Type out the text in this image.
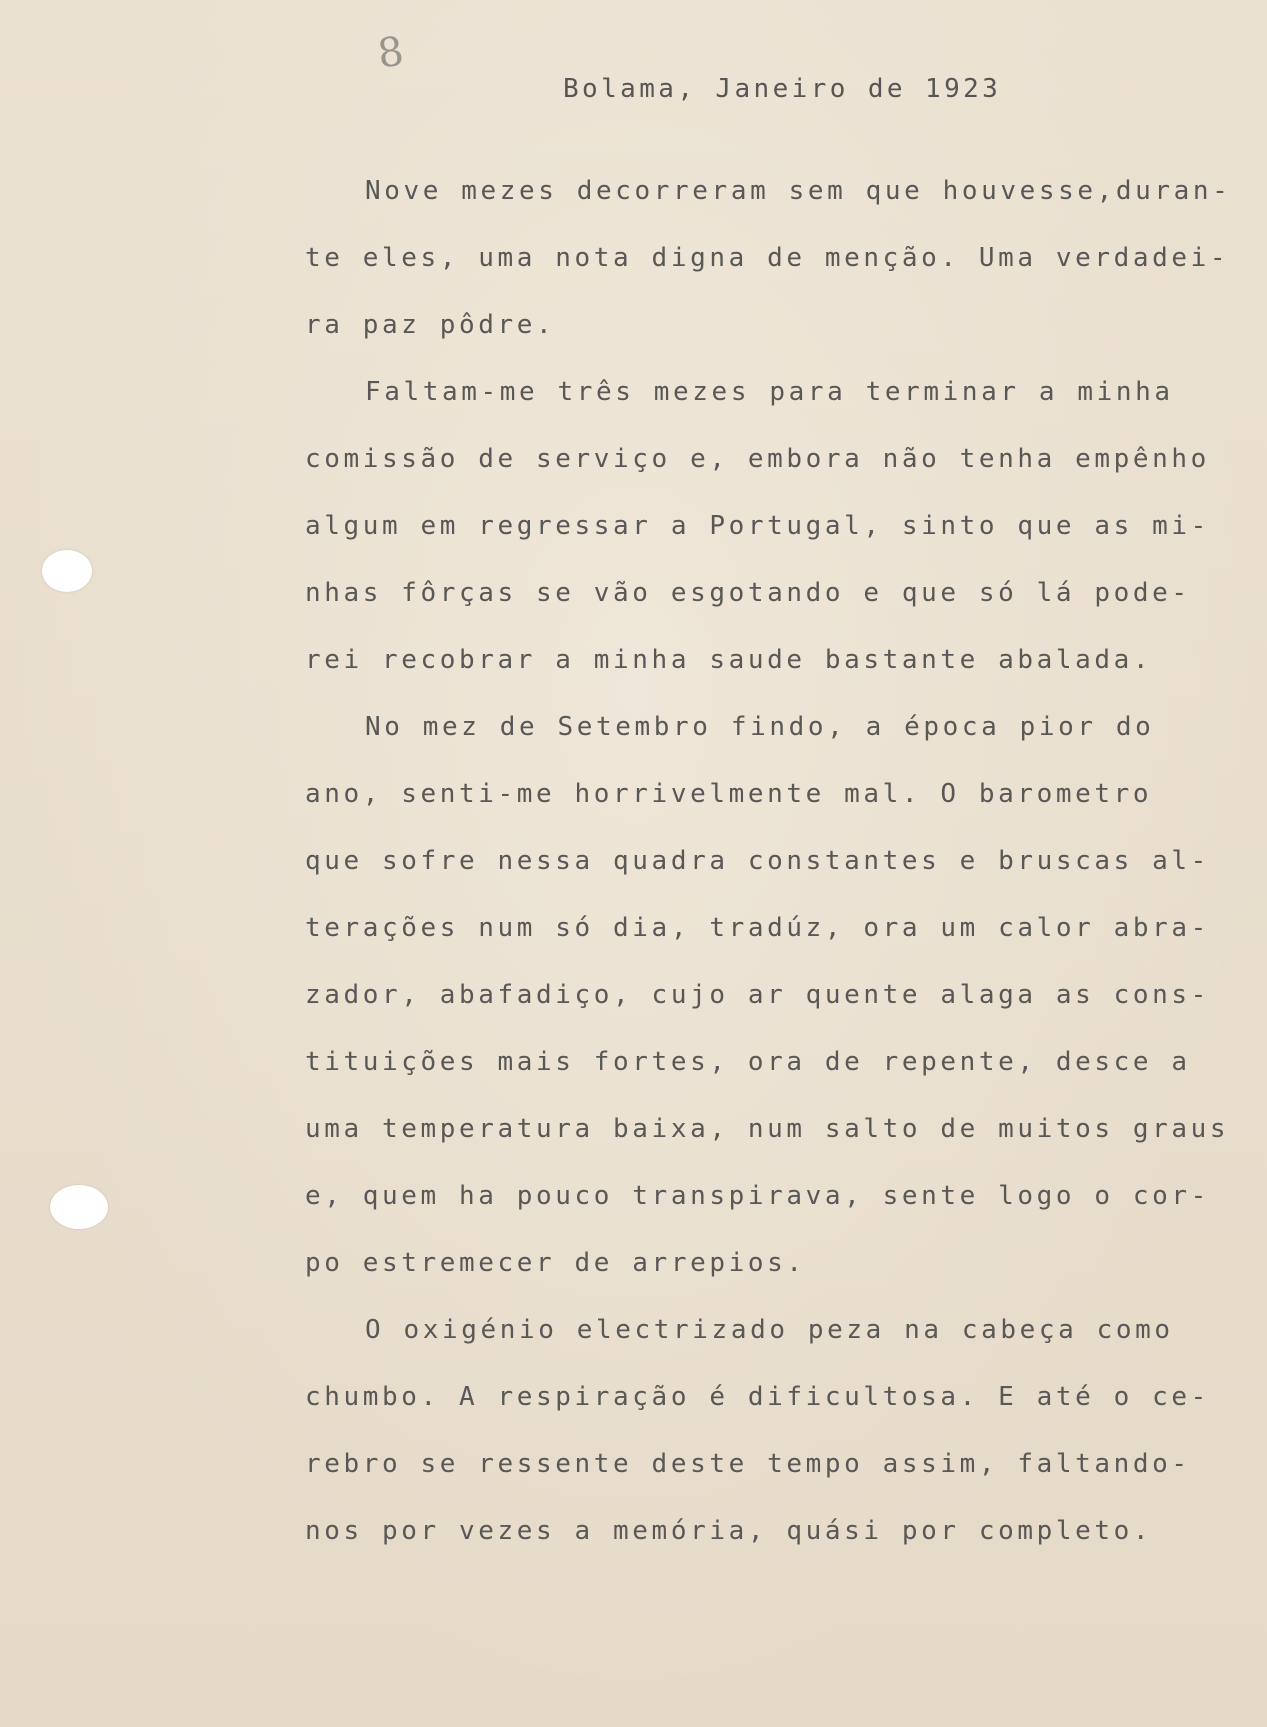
8
Bolama, Janeiro de 1923
Nove mezes decorreram sem que houvesse,duran-
te eles, uma nota digna de menção. Uma verdadei-
ra paz pôdre.
Faltam-me três mezes para terminar a minha
comissão de serviço e, embora não tenha empênho
algum em regressar a Portugal, sinto que as mi-
nhas fôrças se vão esgotando e que só lá pode-
rei recobrar a minha saude bastante abalada.
No mez de Setembro findo, a época pior do
ano, senti-me horrivelmente mal. O barometro
que sofre nessa quadra constantes e bruscas al-
terações num só dia, tradúz, ora um calor abra-
zador, abafadiço, cujo ar quente alaga as cons-
tituições mais fortes, ora de repente, desce a
uma temperatura baixa, num salto de muitos graus
e, quem ha pouco transpirava, sente logo o cor-
po estremecer de arrepios.
O oxigénio electrizado peza na cabeça como
chumbo. A respiração é dificultosa. E até o ce-
rebro se ressente deste tempo assim, faltando-
nos por vezes a memória, quási por completo.
